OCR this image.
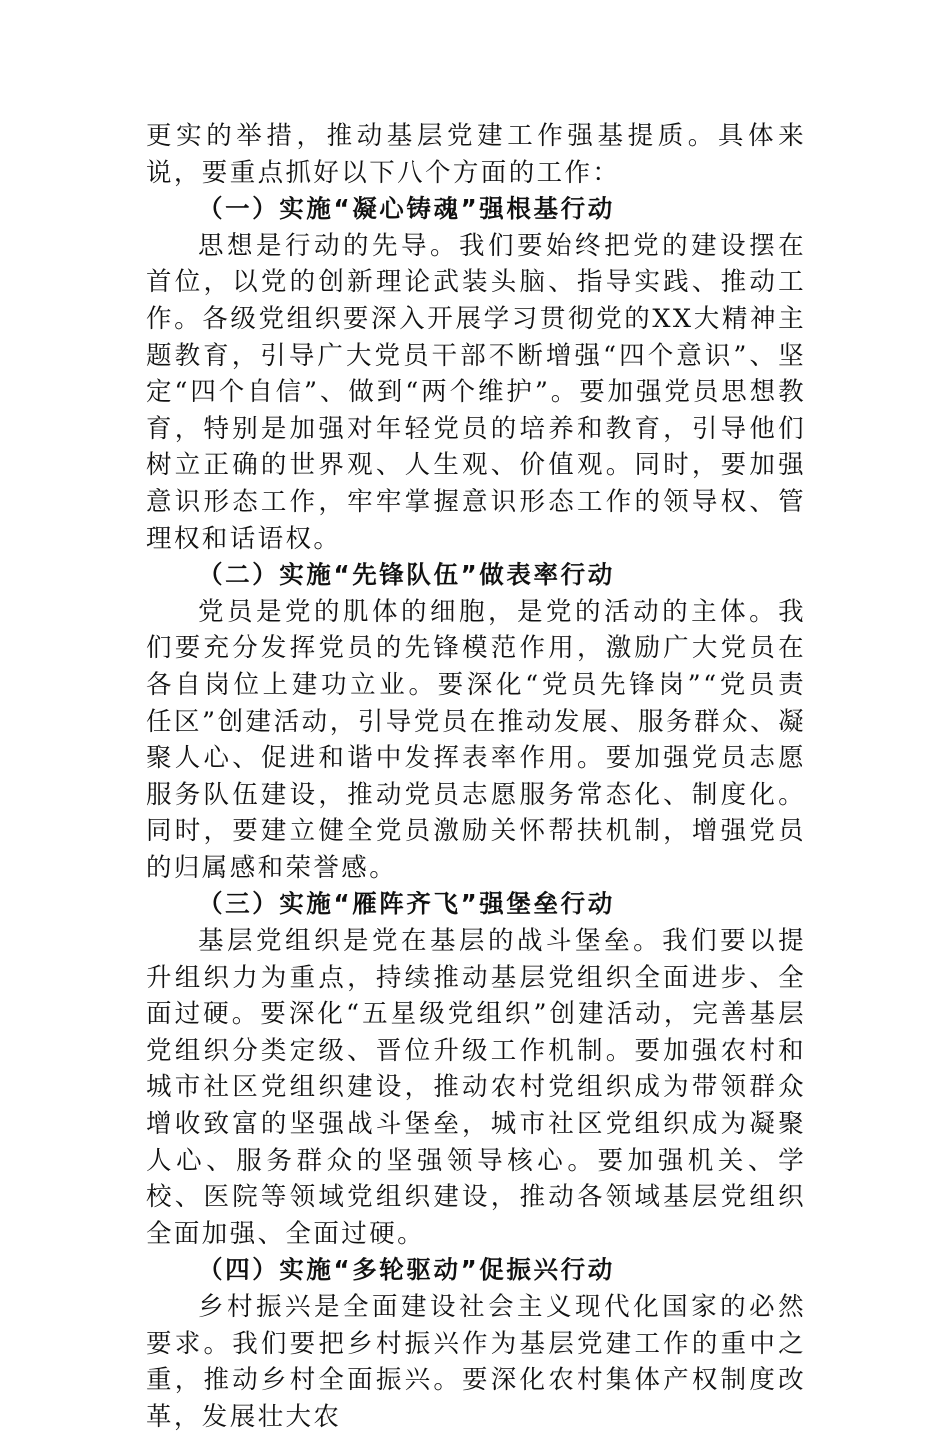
更实的举措，推动基层党建工作强基提质。具体来说，要重点抓好以下八个方面的工作：

（一）实施“凝心铸魂”强根基行动

思想是行动的先导。我们要始终把党的建设摆在首位，以党的创新理论武装头脑、指导实践、推动工作。各级党组织要深入开展学习贯彻党的XX大精神主题教育，引导广大党员干部不断增强“四个意识”、坚定“四个自信”、做到“两个维护”。要加强党员思想教育，特别是加强对年轻党员的培养和教育，引导他们树立正确的世界观、人生观、价值观。同时，要加强意识形态工作，牢牢掌握意识形态工作的领导权、管理权和话语权。

（二）实施“先锋队伍”做表率行动

党员是党的肌体的细胞，是党的活动的主体。我们要充分发挥党员的先锋模范作用，激励广大党员在各自岗位上建功立业。要深化“党员先锋岗”“党员责任区”创建活动，引导党员在推动发展、服务群众、凝聚人心、促进和谐中发挥表率作用。要加强党员志愿服务队伍建设，推动党员志愿服务常态化、制度化。同时，要建立健全党员激励关怀帮扶机制，增强党员的归属感和荣誉感。

（三）实施“雁阵齐飞”强堡垒行动

基层党组织是党在基层的战斗堡垒。我们要以提升组织力为重点，持续推动基层党组织全面进步、全面过硬。要深化“五星级党组织”创建活动，完善基层党组织分类定级、晋位升级工作机制。要加强农村和城市社区党组织建设，推动农村党组织成为带领群众增收致富的坚强战斗堡垒，城市社区党组织成为凝聚人心、服务群众的坚强领导核心。要加强机关、学校、医院等领域党组织建设，推动各领域基层党组织全面加强、全面过硬。

（四）实施“多轮驱动”促振兴行动

乡村振兴是全面建设社会主义现代化国家的必然要求。我们要把乡村振兴作为基层党建工作的重中之重，推动乡村全面振兴。要深化农村集体产权制度改革，发展壮大农
